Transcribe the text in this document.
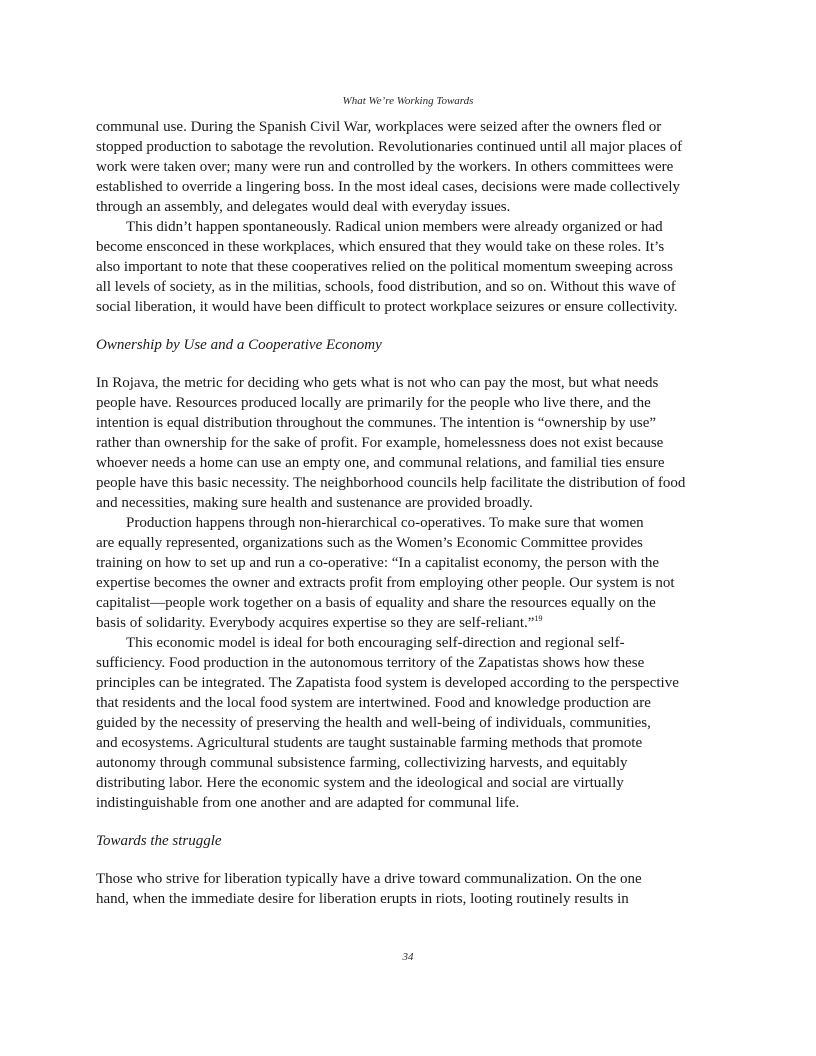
What We’re Working Towards

communal use. During the Spanish Civil War, workplaces were seized after the owners fled or
stopped production to sabotage the revolution. Revolutionaries continued until all major places of
work were taken over; many were run and controlled by the workers. In others committees were
established to override a lingering boss. In the most ideal cases, decisions were made collectively
through an assembly, and delegates would deal with everyday issues.

This didn’t happen spontaneously. Radical union members were already organized or had
become ensconced in these workplaces, which ensured that they would take on these roles. It’s
also important to note that these cooperatives relied on the political momentum sweeping across
all levels of society, as in the militias, schools, food distribution, and so on. Without this wave of
social liberation, it would have been difficult to protect workplace seizures or ensure collectivity.

Ownership by Use and a Cooperative Economy

In Rojava, the metric for deciding who gets what is not who can pay the most, but what needs
people have. Resources produced locally are primarily for the people who live there, and the
intention is equal distribution throughout the communes. The intention is “ownership by use”
rather than ownership for the sake of profit. For example, homelessness does not exist because
whoever needs a home can use an empty one, and communal relations, and familial ties ensure
people have this basic necessity. The neighborhood councils help facilitate the distribution of food
and necessities, making sure health and sustenance are provided broadly.

Production happens through non-hierarchical co-operatives. To make sure that women
are equally represented, organizations such as the Women’s Economic Committee provides
training on how to set up and run a co-operative: “In a capitalist economy, the person with the
expertise becomes the owner and extracts profit from employing other people. Our system is not
capitalist—people work together on a basis of equality and share the resources equally on the
basis of solidarity. Everybody acquires expertise so they are self-reliant.”$^{19}$

This economic model is ideal for both encouraging self-direction and regional self-
sufficiency. Food production in the autonomous territory of the Zapatistas shows how these
principles can be integrated. The Zapatista food system is developed according to the perspective
that residents and the local food system are intertwined. Food and knowledge production are
guided by the necessity of preserving the health and well-being of individuals, communities,
and ecosystems. Agricultural students are taught sustainable farming methods that promote
autonomy through communal subsistence farming, collectivizing harvests, and equitably
distributing labor. Here the economic system and the ideological and social are virtually
indistinguishable from one another and are adapted for communal life.

Towards the struggle

Those who strive for liberation typically have a drive toward communalization. On the one
hand, when the immediate desire for liberation erupts in riots, looting routinely results in

34
